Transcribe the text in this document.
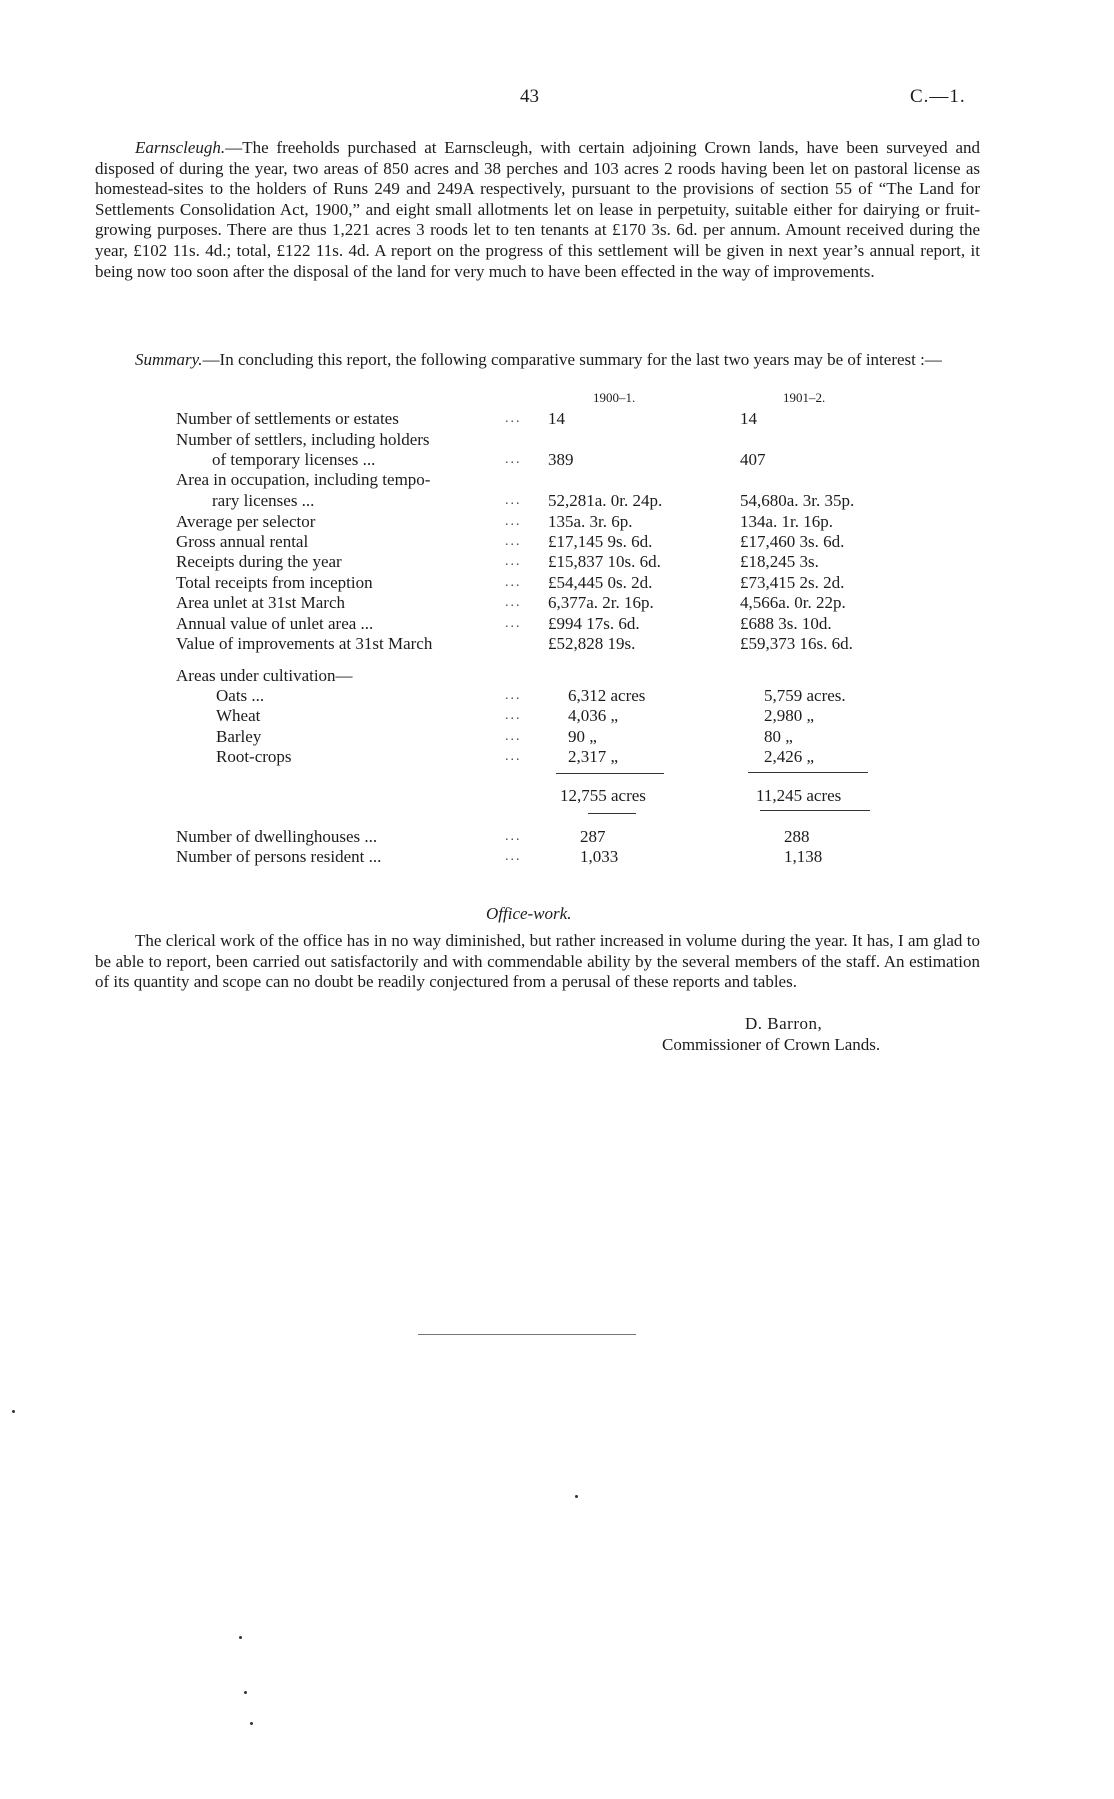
43	C.—1.

Earnscleugh.—The freeholds purchased at Earnscleugh, with certain adjoining Crown lands, have been surveyed and disposed of during the year, two areas of 850 acres and 38 perches and 103 acres 2 roods having been let on pastoral license as homestead-sites to the holders of Runs 249 and 249A respectively, pursuant to the provisions of section 55 of “The Land for Settlements Consolidation Act, 1900,” and eight small allotments let on lease in perpetuity, suitable either for dairying or fruit-growing purposes. There are thus 1,221 acres 3 roods let to ten tenants at £170 3s. 6d. per annum. Amount received during the year, £102 11s. 4d.; total, £122 11s. 4d. A report on the progress of this settlement will be given in next year’s annual report, it being now too soon after the disposal of the land for very much to have been effected in the way of improvements.

Summary.—In concluding this report, the following comparative summary for the last two years may be of interest :—

1900–1.	1901–2.
Number of settlements or estates	... 14	14
Number of settlers, including holders
of temporary licenses ...	... 389	407
Area in occupation, including tempo-
rary licenses ...	... 52,281a. 0r. 24p.	54,680a. 3r. 35p.
Average per selector	... 135a. 3r. 6p.	134a. 1r. 16p.
Gross annual rental	... £17,145 9s. 6d.	£17,460 3s. 6d.
Receipts during the year	... £15,837 10s. 6d.	£18,245 3s.
Total receipts from inception	... £54,445 0s. 2d.	£73,415 2s. 2d.
Area unlet at 31st March	... 6,377a. 2r. 16p.	4,566a. 0r. 22p.
Annual value of unlet area ...	... £994 17s. 6d.	£688 3s. 10d.
Value of improvements at 31st March	£52,828 19s.	£59,373 16s. 6d.
Areas under cultivation—
Oats ...	...	6,312 acres	5,759 acres.
Wheat	...	4,036 „	2,980 „
Barley	...	90 „	80 „
Root-crops	...	2,317 „	2,426 „
12,755 acres	11,245 acres
Number of dwellinghouses ...	...	287	288
Number of persons resident ...	...	1,033	1,138
Office-work.

The clerical work of the office has in no way diminished, but rather increased in volume during the year. It has, I am glad to be able to report, been carried out satisfactorily and with commendable ability by the several members of the staff. An estimation of its quantity and scope can no doubt be readily conjectured from a perusal of these reports and tables.

D. Barron,
Commissioner of Crown Lands.
